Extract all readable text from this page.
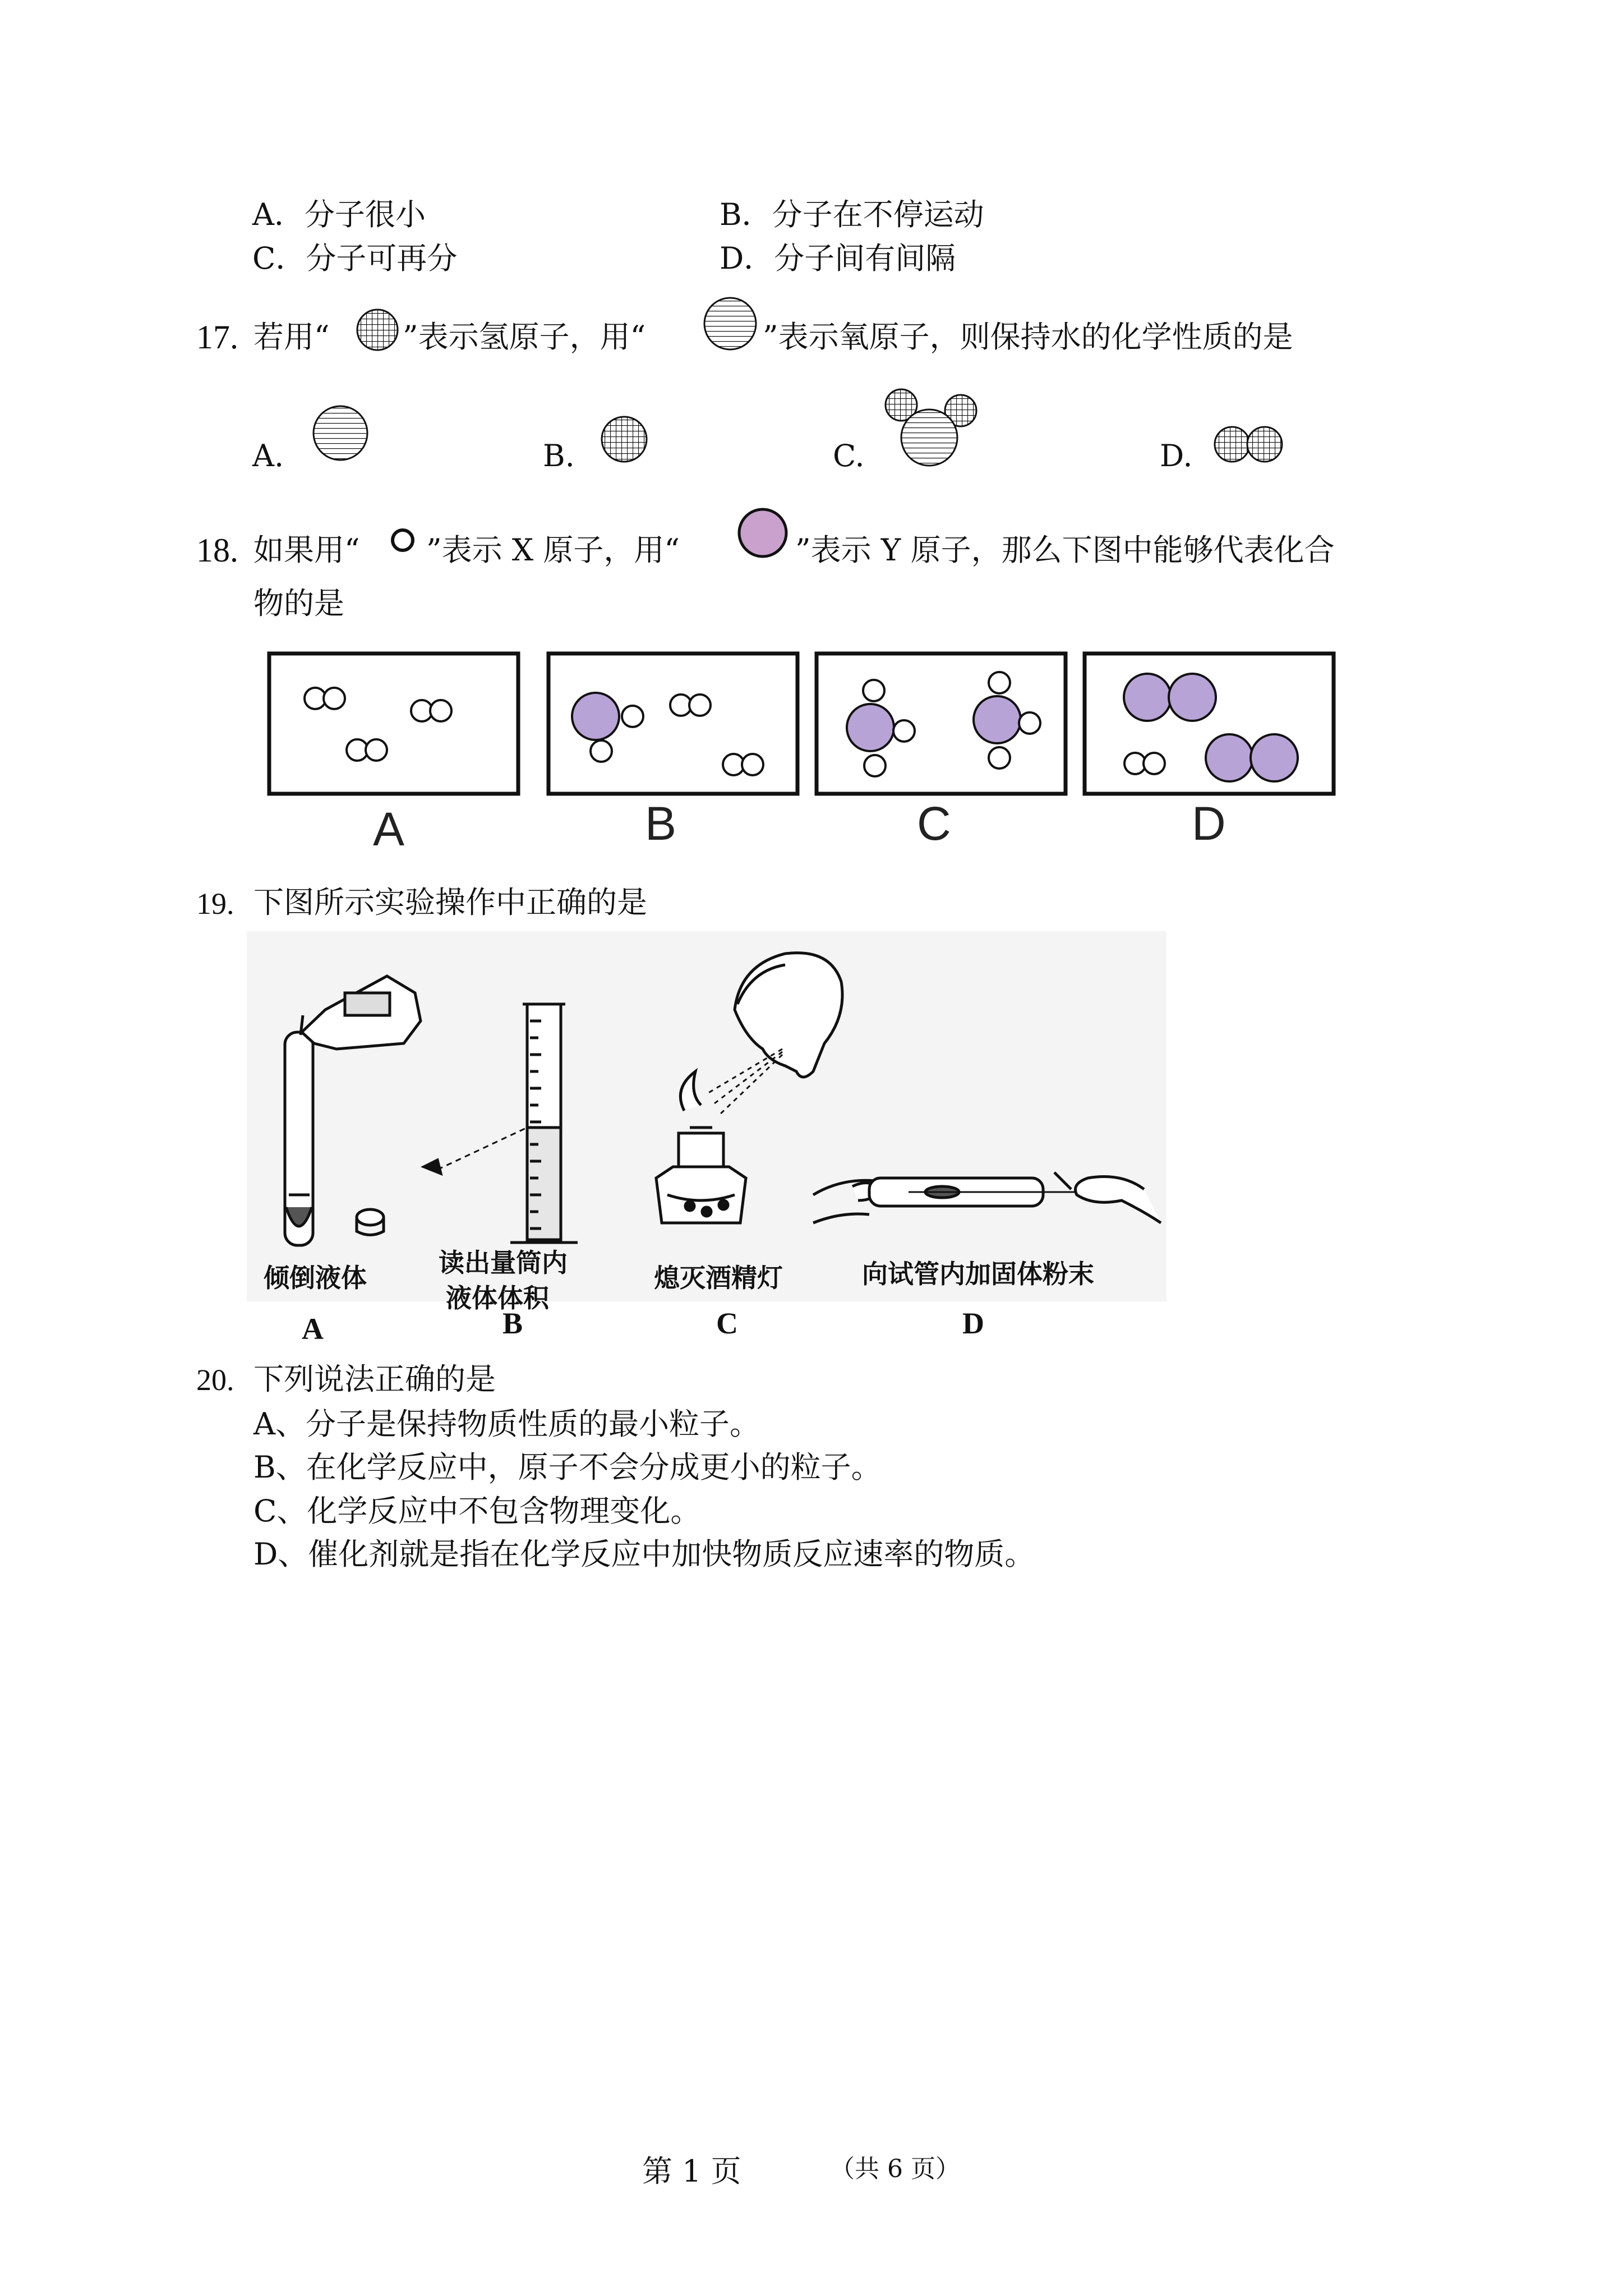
A．分子很小	B．分子在不停运动
C．分子可再分	D．分子间有间隔
17. 若用“ ”表示氢原子，用“	”表示氧原子，则保持水的化学性质的是
A.	B.	C.	D.
18. 如果用“ ”表示 X 原子，用“	”表示 Y 原子，那么下图中能够代表化合
物的是
A	B	C	D
19. 下图所示实验操作中正确的是
倾倒液体	读出量筒内
液体体积
熄灭酒精灯	向试管内加固体粉末
A	B	C	D
20. 下列说法正确的是
A、分子是保持物质性质的最小粒子。
B、在化学反应中，原子不会分成更小的粒子。
C、化学反应中不包含物理变化。
D、催化剂就是指在化学反应中加快物质反应速率的物质。
第 1 页	（共 6 页）
